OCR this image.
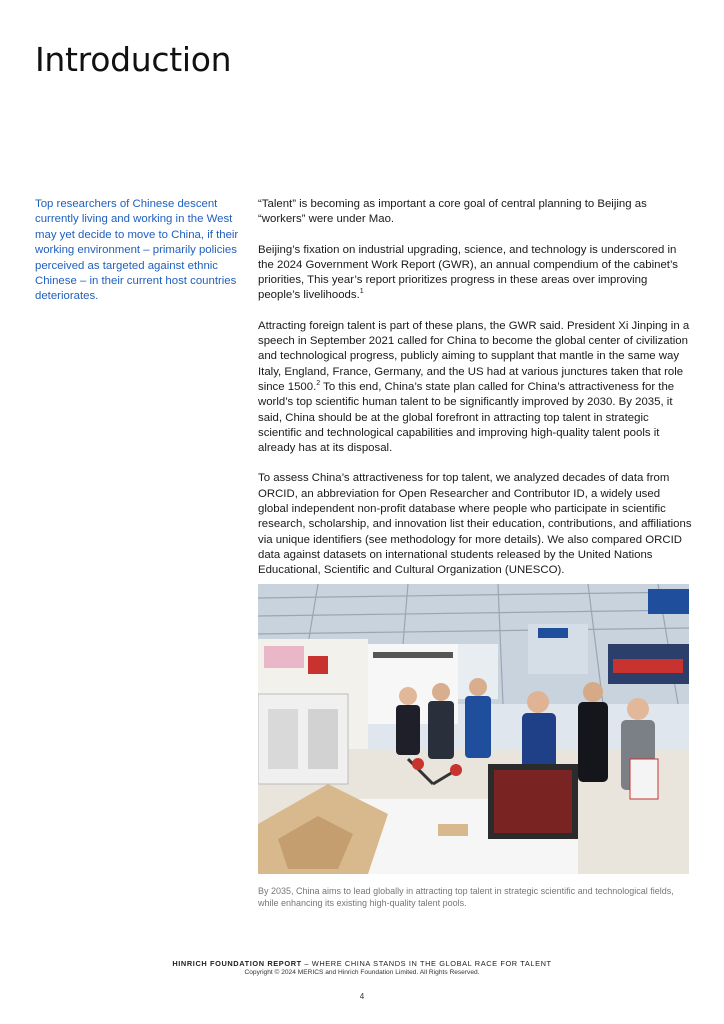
Introduction
Top researchers of Chinese descent currently living and working in the West may yet decide to move to China, if their working environment – primarily policies perceived as targeted against ethnic Chinese – in their current host countries deteriorates.

“Talent” is becoming as important a core goal of central planning to Beijing as “workers” were under Mao.

Beijing’s fixation on industrial upgrading, science, and technology is underscored in the 2024 Government Work Report (GWR), an annual compendium of the cabinet’s priorities, This year’s report prioritizes progress in these areas over improving people’s livelihoods.$^1$

Attracting foreign talent is part of these plans, the GWR said. President Xi Jinping in a speech in September 2021 called for China to become the global center of civilization and technological progress, publicly aiming to supplant that mantle in the same way Italy, England, France, Germany, and the US had at various junctures taken that role since 1500.$^2$ To this end, China’s state plan called for China’s attractiveness for the world’s top scientific human talent to be significantly improved by 2030. By 2035, it said, China should be at the global forefront in attracting top talent in strategic scientific and technological capabilities and improving high-quality talent pools it already has at its disposal.

To assess China’s attractiveness for top talent, we analyzed decades of data from ORCID, an abbreviation for Open Researcher and Contributor ID, a widely used global independent non-profit database where people who participate in scientific research, scholarship, and innovation list their education, contributions, and affiliations via unique identifiers (see methodology for more details). We also compared ORCID data against datasets on international students released by the United Nations Educational, Scientific and Cultural Organization (UNESCO).

By 2035, China aims to lead globally in attracting top talent in strategic scientific and technological fields, while enhancing its existing high-quality talent pools.
HINRICH FOUNDATION REPORT – WHERE CHINA STANDS IN THE GLOBAL RACE FOR TALENT
Copyright © 2024 MERICS and Hinrich Foundation Limited. All Rights Reserved.
4
